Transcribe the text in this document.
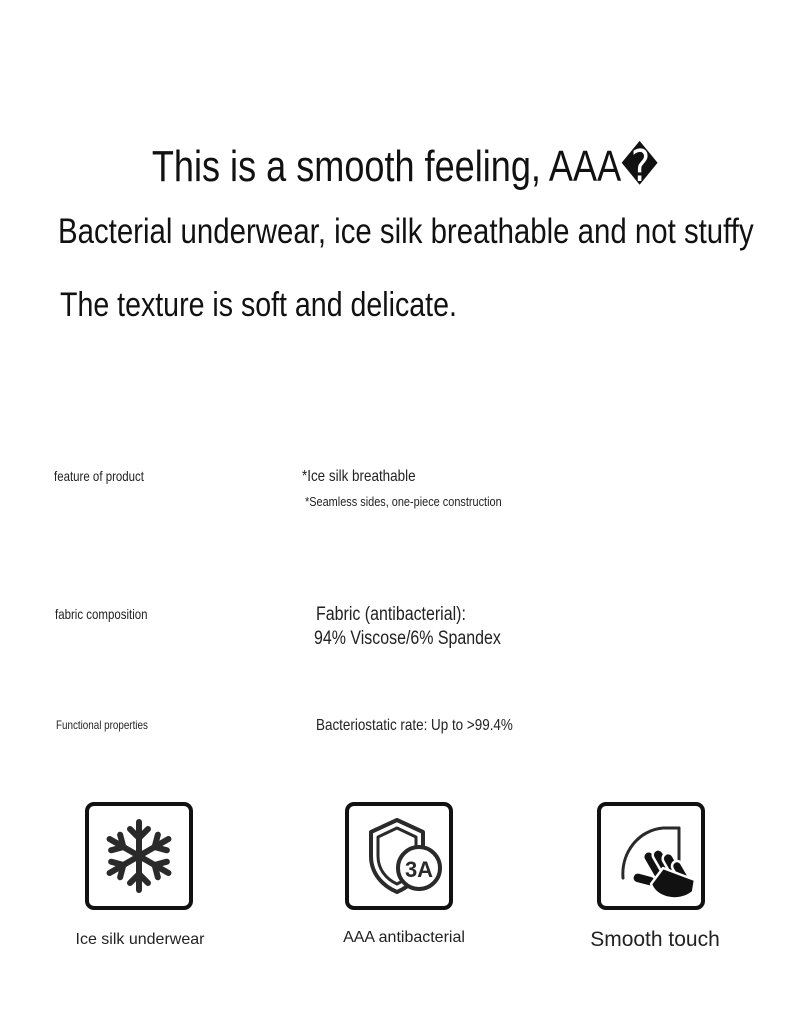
This is a smooth feeling, AAA�
Bacterial underwear, ice silk breathable and not stuffy
The texture is soft and delicate.
feature of product	*Ice silk breathable
*Seamless sides, one-piece construction
fabric composition	Fabric (antibacterial):
94% Viscose/6% Spandex
Functional properties	Bacteriostatic rate: Up to >99.4%
Ice silk underwear
3A
AAA antibacterial	Smooth touch
